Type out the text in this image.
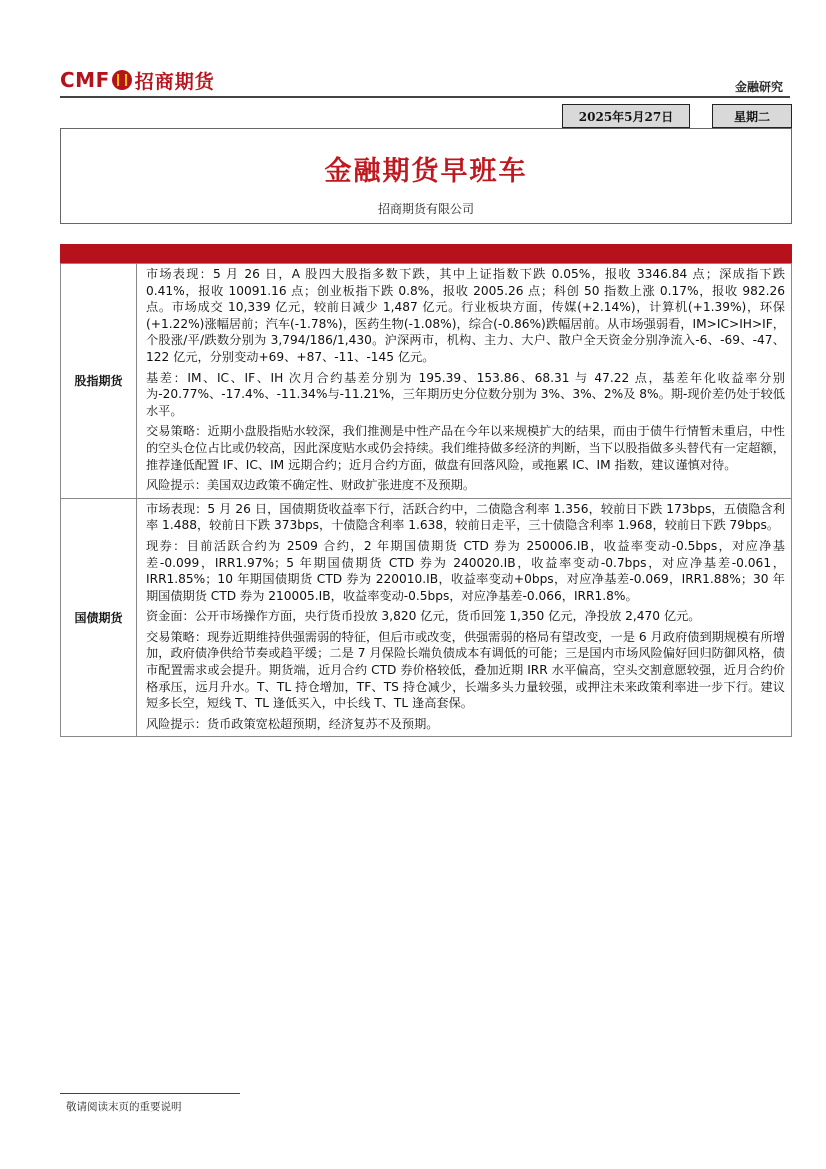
CMF 招商期货	金融研究
2025年5月27日	星期二
金融期货早班车
招商期货有限公司
股指期货	市场表现：5 月 26 日，A 股四大股指多数下跌，其中上证指数下跌 0.05%，报收 3346.84 点；深成指下跌 0.41%，报收 10091.16 点；创业板指下跌 0.8%，报收 2005.26 点；科创 50 指数上涨 0.17%，报收 982.26 点。市场成交 10,339 亿元，较前日减少 1,487 亿元。行业板块方面，传媒(+2.14%)，计算机(+1.39%)，环保(+1.22%)涨幅居前；汽车(-1.78%)，医药生物(-1.08%)，综合(-0.86%)跌幅居前。从市场强弱看，IM>IC>IH>IF，个股涨/平/跌数分别为 3,794/186/1,430。沪深两市，机构、主力、大户、散户全天资金分别净流入-6、-69、-47、122 亿元，分别变动+69、+87、-11、-145 亿元。

基差：IM、IC、IF、IH 次月合约基差分别为 195.39、153.86、68.31 与 47.22 点，基差年化收益率分别为-20.77%、-17.4%、-11.34%与-11.21%，三年期历史分位数分别为 3%、3%、2%及 8%。期-现价差仍处于较低水平。

交易策略：近期小盘股指贴水较深，我们推测是中性产品在今年以来规模扩大的结果，而由于债牛行情暂未重启，中性的空头仓位占比或仍较高，因此深度贴水或仍会持续。我们维持做多经济的判断，当下以股指做多头替代有一定超额，推荐逢低配置 IF、IC、IM 远期合约；近月合约方面，做盘有回落风险，或拖累 IC、IM 指数，建议谨慎对待。

风险提示：美国双边政策不确定性、财政扩张进度不及预期。

国债期货	市场表现：5 月 26 日，国债期货收益率下行，活跃合约中，二债隐含利率 1.356，较前日下跌 173bps，五债隐含利率 1.488，较前日下跌 373bps，十债隐含利率 1.638，较前日走平，三十债隐含利率 1.968，较前日下跌 79bps。

现券：目前活跃合约为 2509 合约，2 年期国债期货 CTD 券为 250006.IB，收益率变动-0.5bps，对应净基差-0.099，IRR1.97%；5 年期国债期货 CTD 券为 240020.IB，收益率变动-0.7bps，对应净基差-0.061，IRR1.85%；10 年期国债期货 CTD 券为 220010.IB，收益率变动+0bps，对应净基差-0.069，IRR1.88%；30 年期国债期货 CTD 券为 210005.IB，收益率变动-0.5bps，对应净基差-0.066，IRR1.8%。

资金面：公开市场操作方面，央行货币投放 3,820 亿元，货币回笼 1,350 亿元，净投放 2,470 亿元。

交易策略：现券近期维持供强需弱的特征，但后市或改变，供强需弱的格局有望改变，一是 6 月政府债到期规模有所增加，政府债净供给节奏或趋平缓；二是 7 月保险长端负债成本有调低的可能；三是国内市场风险偏好回归防御风格，债市配置需求或会提升。期货端，近月合约 CTD 券价格较低，叠加近期 IRR 水平偏高，空头交割意愿较强，近月合约价格承压，远月升水。T、TL 持仓增加，TF、TS 持仓减少，长端多头力量较强，或押注未来政策利率进一步下行。建议短多长空，短线 T、TL 逢低买入，中长线 T、TL 逢高套保。

风险提示：货币政策宽松超预期，经济复苏不及预期。

敬请阅读末页的重要说明
